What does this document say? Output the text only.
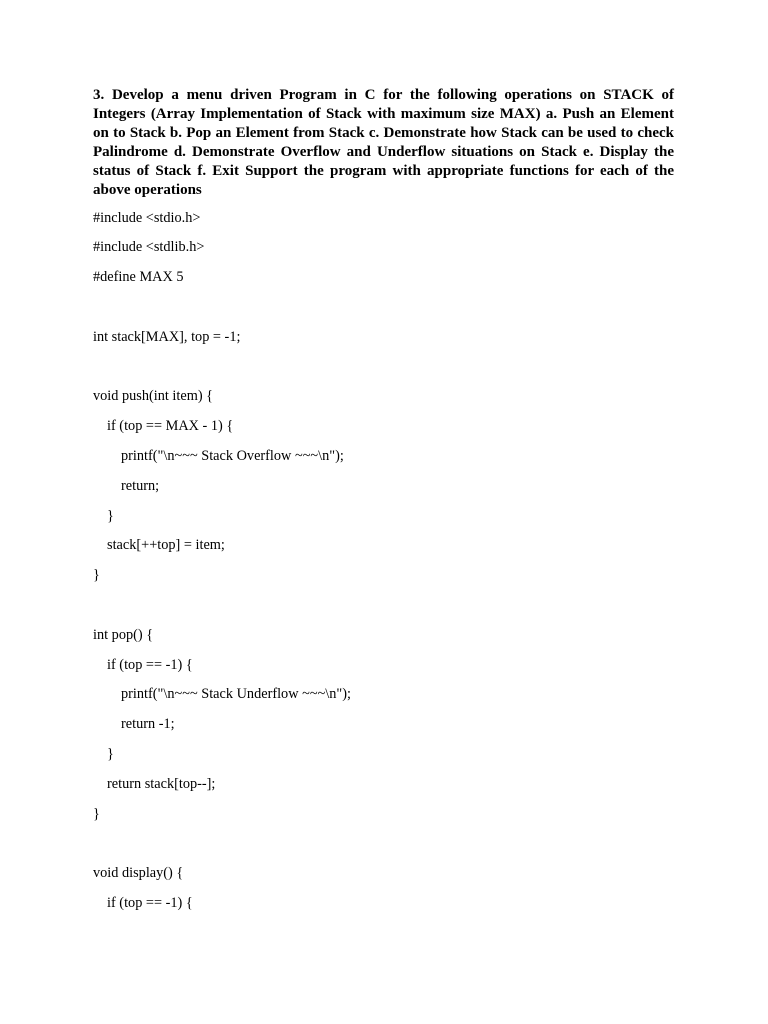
3. Develop a menu driven Program in C for the following operations on STACK of Integers (Array Implementation of Stack with maximum size MAX) a. Push an Element on to Stack b. Pop an Element from Stack c. Demonstrate how Stack can be used to check Palindrome d. Demonstrate Overflow and Underflow situations on Stack e. Display the status of Stack f. Exit Support the program with appropriate functions for each of the above operations

#include <stdio.h>
#include <stdlib.h>
#define MAX 5
int stack[MAX], top = -1;
void push(int item) {
if (top == MAX - 1) {
printf("\n~~~ Stack Overflow ~~~\n");
return;
}
stack[++top] = item;
}
int pop() {
if (top == -1) {
printf("\n~~~ Stack Underflow ~~~\n");
return -1;
}
return stack[top--];
}
void display() {
if (top == -1) {
